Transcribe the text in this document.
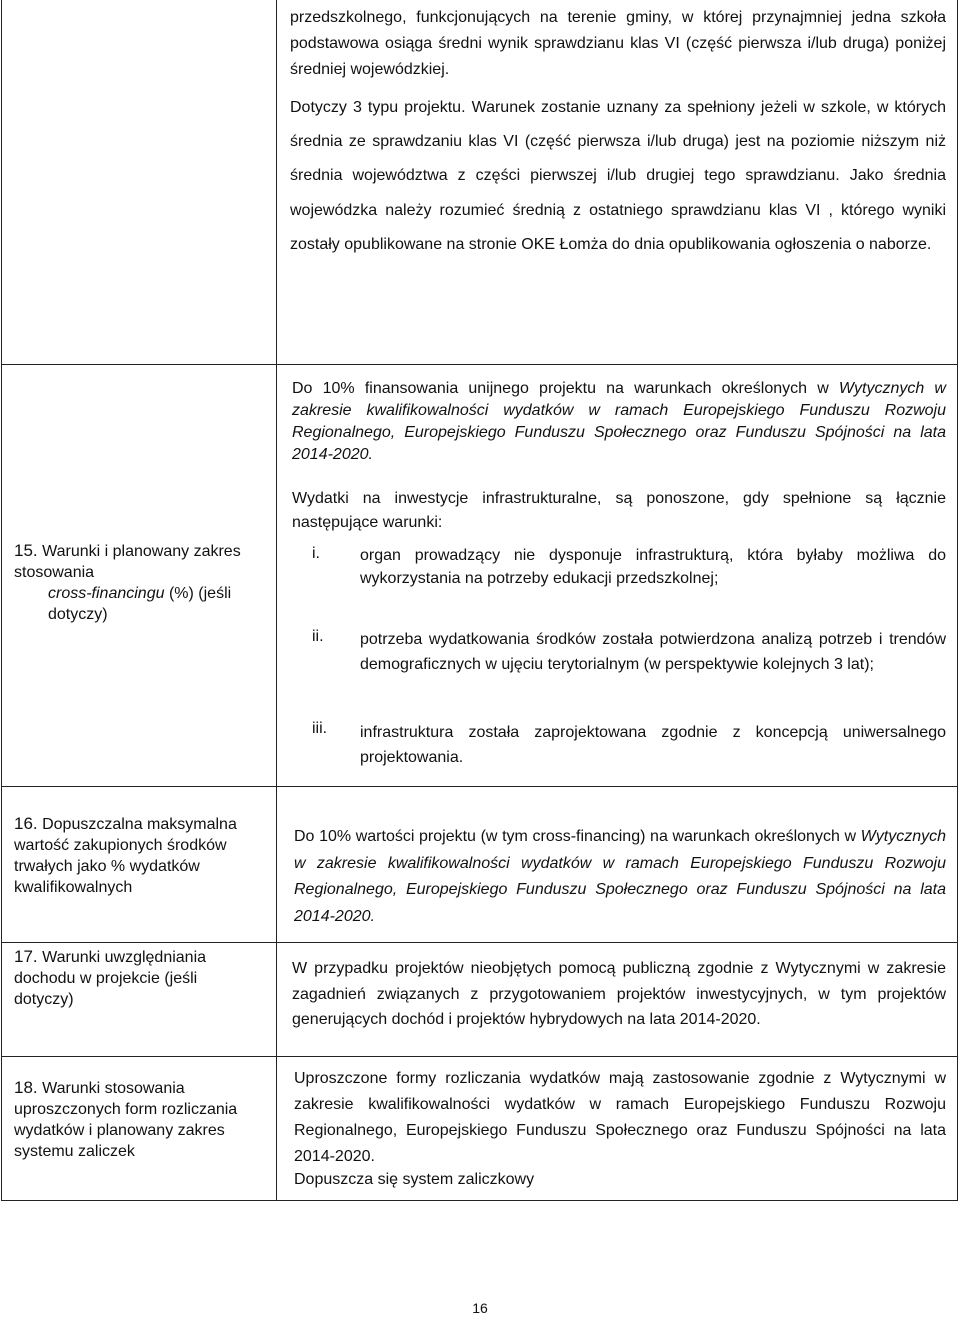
przedszkolnego, funkcjonujących na terenie gminy, w której przynajmniej jedna szkoła podstawowa osiąga średni wynik sprawdzianu klas VI (część pierwsza i/lub druga) poniżej średniej wojewódzkiej.

Dotyczy 3 typu projektu. Warunek zostanie uznany za spełniony jeżeli w szkole, w których średnia ze sprawdzaniu klas VI (część pierwsza i/lub druga) jest na poziomie niższym niż średnia województwa z części pierwszej i/lub drugiej tego sprawdzianu. Jako średnia wojewódzka należy rozumieć średnią z ostatniego sprawdzianu klas VI , którego wyniki zostały opublikowane na stronie OKE Łomża do dnia opublikowania ogłoszenia o naborze.

15. Warunki i planowany zakres stosowania
cross-financingu (%) (jeśli dotyczy)

Do 10% finansowania unijnego projektu na warunkach określonych w Wytycznych w zakresie kwalifikowalności wydatków w ramach Europejskiego Funduszu Rozwoju Regionalnego, Europejskiego Funduszu Społecznego oraz Funduszu Spójności na lata 2014-2020.

Wydatki na inwestycje infrastrukturalne, są ponoszone, gdy spełnione są łącznie następujące warunki:

i.	organ prowadzący nie dysponuje infrastrukturą, która byłaby możliwa do wykorzystania na potrzeby edukacji przedszkolnej;

ii. potrzeba wydatkowania środków została potwierdzona analizą potrzeb i trendów demograficznych w ujęciu terytorialnym (w perspektywie kolejnych 3 lat);

iii. infrastruktura została zaprojektowana zgodnie z koncepcją uniwersalnego projektowania.

16. Dopuszczalna maksymalna wartość zakupionych środków trwałych jako % wydatków kwalifikowalnych

Do 10% wartości projektu (w tym cross-financing) na warunkach określonych w Wytycznych w zakresie kwalifikowalności wydatków w ramach Europejskiego Funduszu Rozwoju Regionalnego, Europejskiego Funduszu Społecznego oraz Funduszu Spójności na lata 2014-2020.

17. Warunki uwzględniania dochodu w projekcie (jeśli dotyczy)

W przypadku projektów nieobjętych pomocą publiczną zgodnie z Wytycznymi w zakresie zagadnień związanych z przygotowaniem projektów inwestycyjnych, w tym projektów generujących dochód i projektów hybrydowych na lata 2014-2020.

18. Warunki stosowania uproszczonych form rozliczania wydatków i planowany zakres systemu zaliczek

Uproszczone formy rozliczania wydatków mają zastosowanie zgodnie z Wytycznymi w zakresie kwalifikowalności wydatków w ramach Europejskiego Funduszu Rozwoju Regionalnego, Europejskiego Funduszu Społecznego oraz Funduszu Spójności na lata 2014-2020.

Dopuszcza się system zaliczkowy

16
